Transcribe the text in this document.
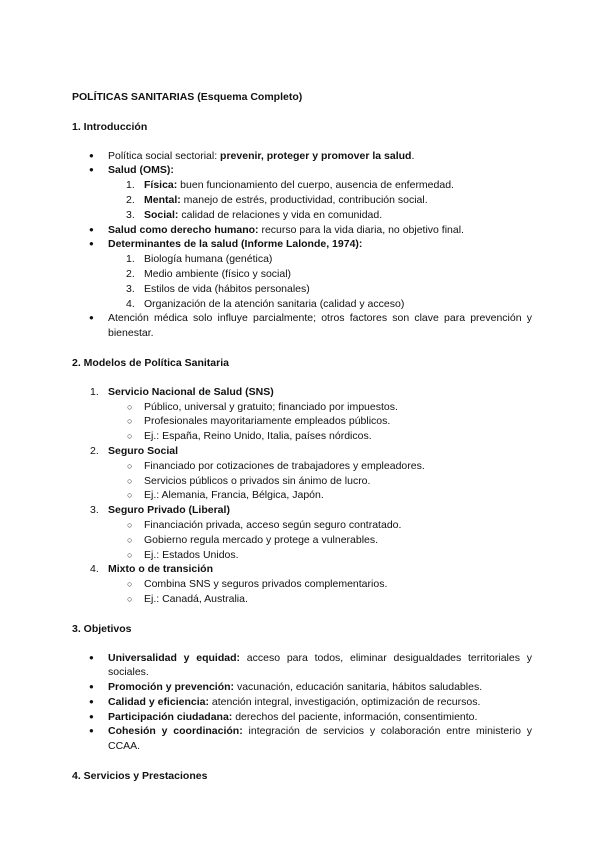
POLÍTICAS SANITARIAS (Esquema Completo)

1. Introducción
● Política social sectorial: prevenir, proteger y promover la salud.
● Salud (OMS):
1. Física: buen funcionamiento del cuerpo, ausencia de enfermedad.
2. Mental: manejo de estrés, productividad, contribución social.
3. Social: calidad de relaciones y vida en comunidad.
● Salud como derecho humano: recurso para la vida diaria, no objetivo final.
● Determinantes de la salud (Informe Lalonde, 1974):
1. Biología humana (genética)
2. Medio ambiente (físico y social)
3. Estilos de vida (hábitos personales)
4. Organización de la atención sanitaria (calidad y acceso)
● Atención médica solo influye parcialmente; otros factores son clave para prevención y bienestar.
2. Modelos de Política Sanitaria
1. Servicio Nacional de Salud (SNS)
○ Público, universal y gratuito; financiado por impuestos.
○ Profesionales mayoritariamente empleados públicos.
○ Ej.: España, Reino Unido, Italia, países nórdicos.
2. Seguro Social
○ Financiado por cotizaciones de trabajadores y empleadores.
○ Servicios públicos o privados sin ánimo de lucro.
○ Ej.: Alemania, Francia, Bélgica, Japón.
3. Seguro Privado (Liberal)
○ Financiación privada, acceso según seguro contratado.
○ Gobierno regula mercado y protege a vulnerables.
○ Ej.: Estados Unidos.
4. Mixto o de transición
○ Combina SNS y seguros privados complementarios.
○ Ej.: Canadá, Australia.
3. Objetivos
● Universalidad y equidad: acceso para todos, eliminar desigualdades territoriales y sociales.
● Promoción y prevención: vacunación, educación sanitaria, hábitos saludables.
● Calidad y eficiencia: atención integral, investigación, optimización de recursos.
● Participación ciudadana: derechos del paciente, información, consentimiento.
● Cohesión y coordinación: integración de servicios y colaboración entre ministerio y CCAA.
4. Servicios y Prestaciones
